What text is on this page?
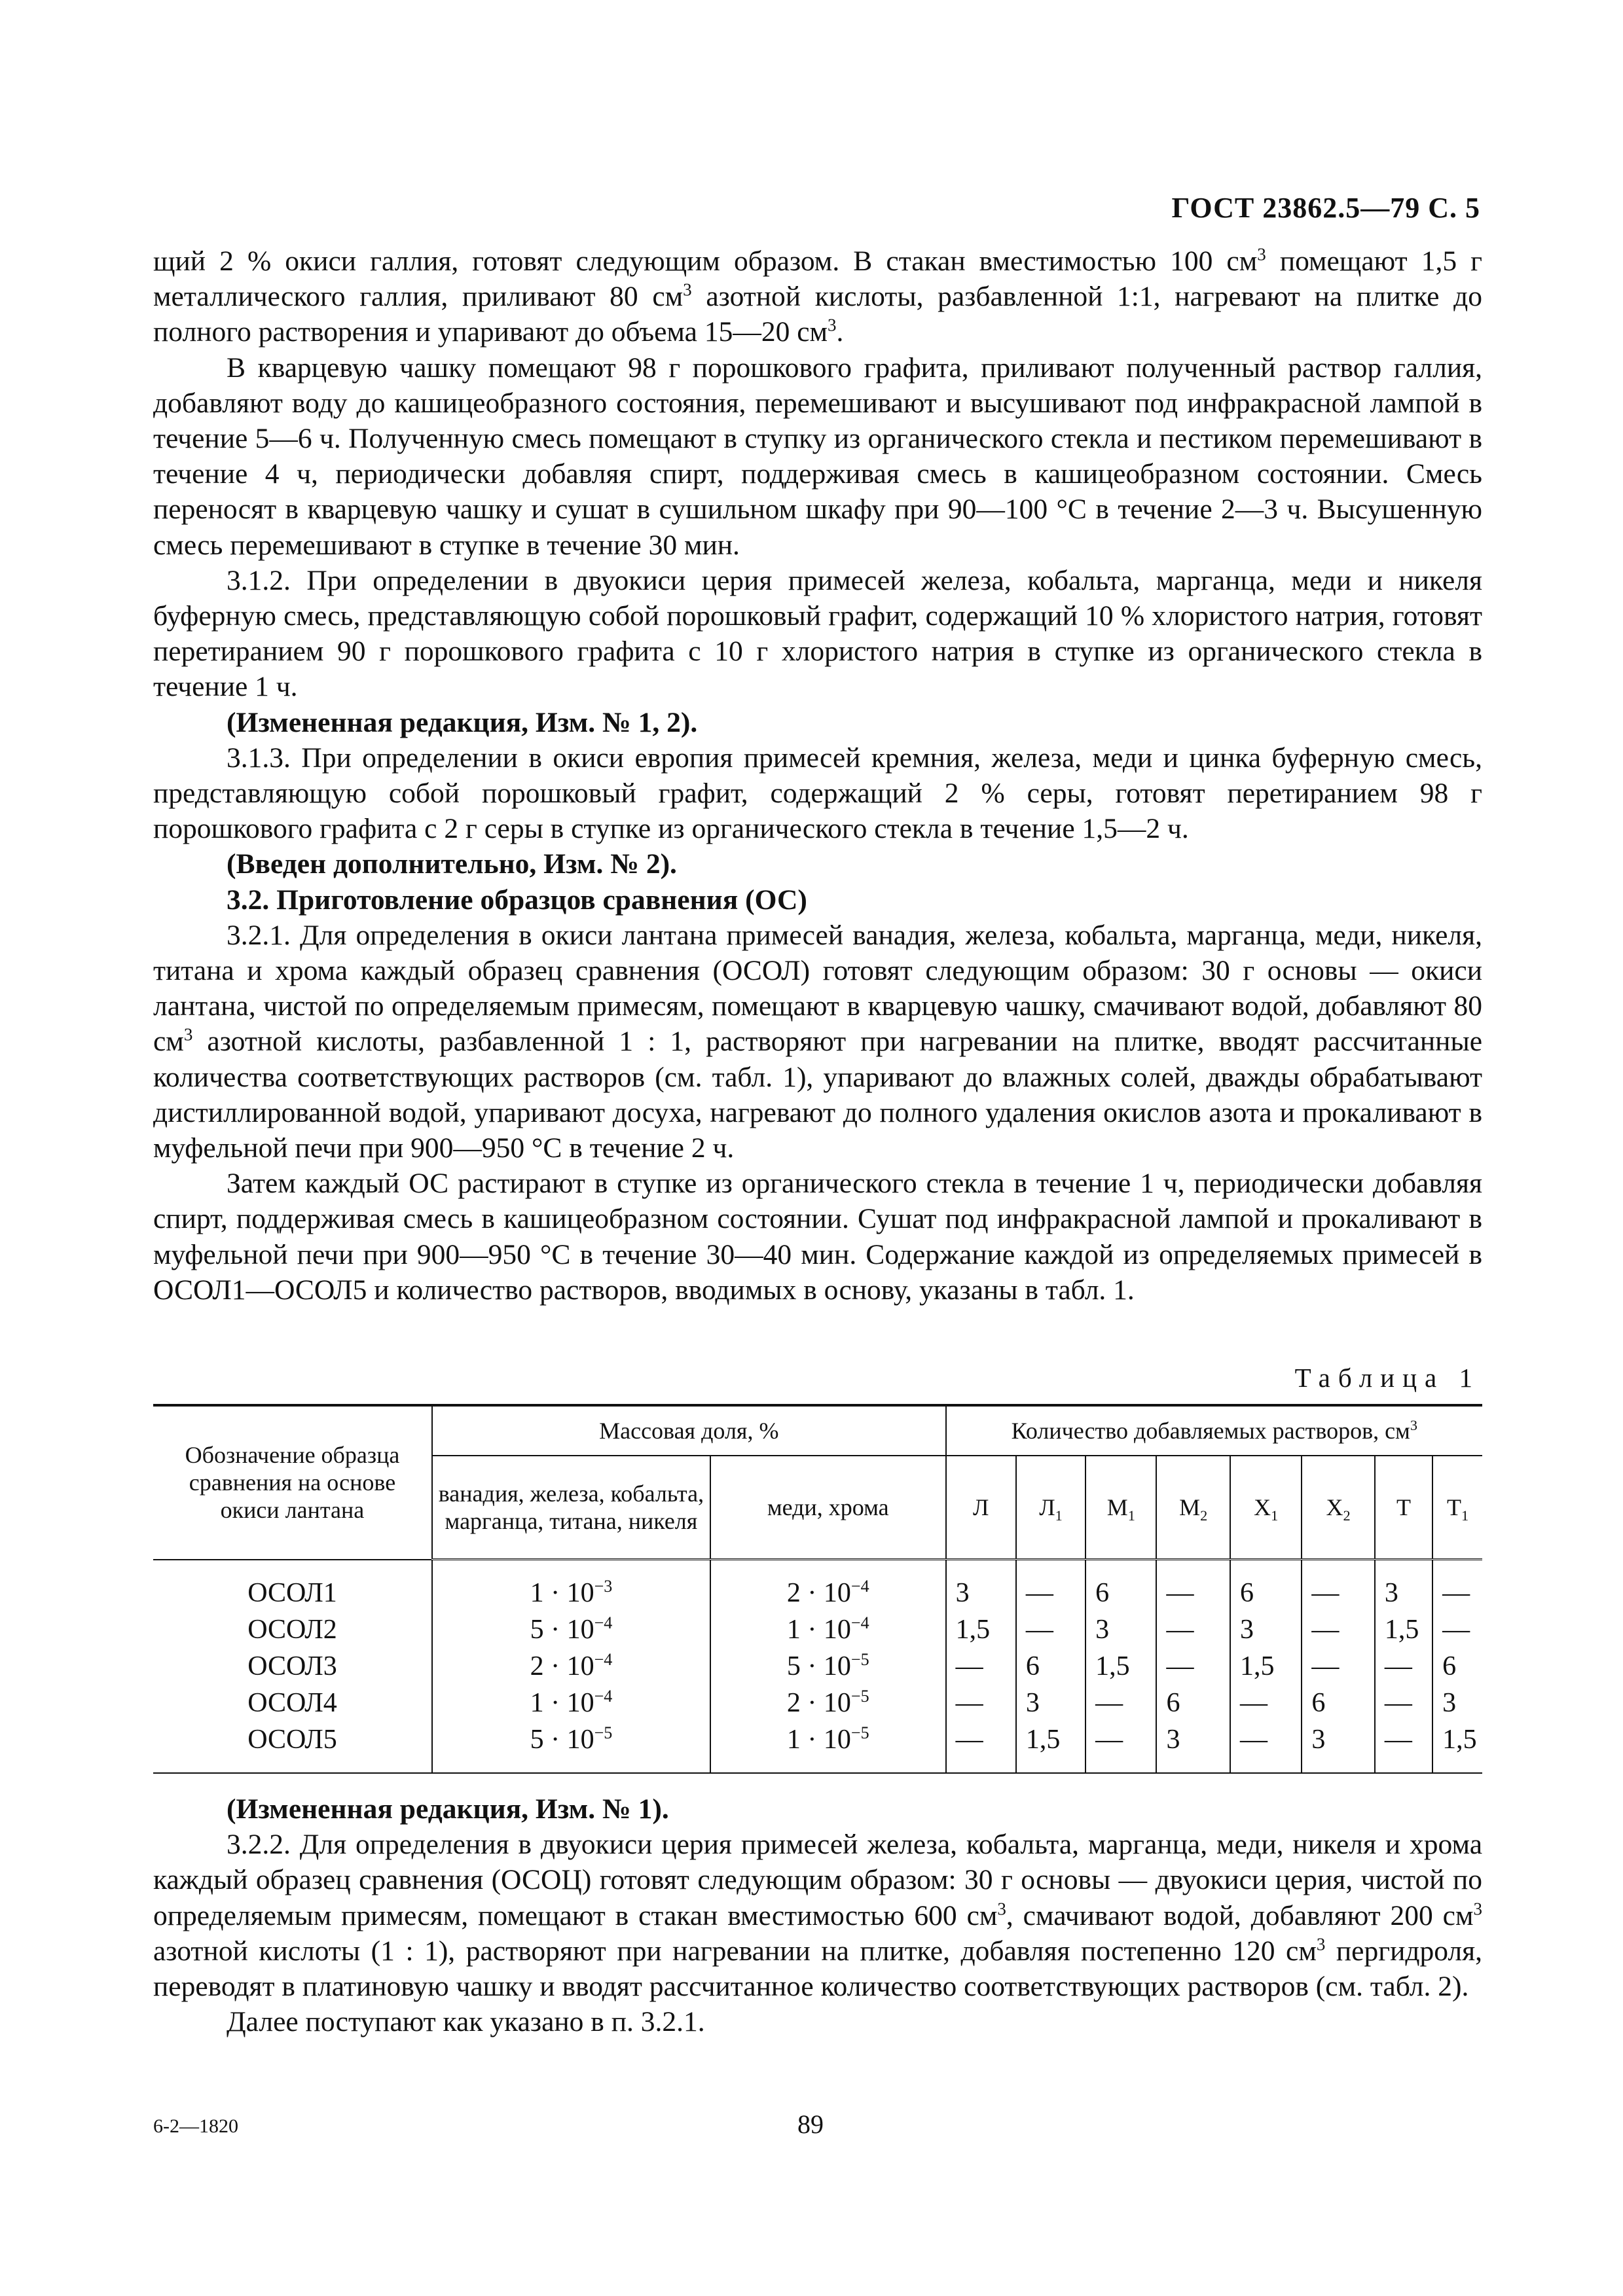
ГОСТ 23862.5—79 С. 5

щий 2 % окиси галлия, готовят следующим образом. В стакан вместимостью 100 $см^3$ помещают 1,5 г металлического галлия, приливают 80 $см^3$ азотной кислоты, разбавленной 1:1, нагревают на плитке до полного растворения и упаривают до объема 15—20 $см^3$.

В кварцевую чашку помещают 98 г порошкового графита, приливают полученный раствор галлия, добавляют воду до кашицеобразного состояния, перемешивают и высушивают под инфракрасной лампой в течение 5—6 ч. Полученную смесь помещают в ступку из органического стекла и пестиком перемешивают в течение 4 ч, периодически добавляя спирт, поддерживая смесь в кашицеобразном состоянии. Смесь переносят в кварцевую чашку и сушат в сушильном шкафу при 90—100 °С в течение 2—3 ч. Высушенную смесь перемешивают в ступке в течение 30 мин.

3.1.2. При определении в двуокиси церия примесей железа, кобальта, марганца, меди и никеля буферную смесь, представляющую собой порошковый графит, содержащий 10 % хлористого натрия, готовят перетиранием 90 г порошкового графита с 10 г хлористого натрия в ступке из органического стекла в течение 1 ч.

(Измененная редакция, Изм. № 1, 2).

3.1.3. При определении в окиси европия примесей кремния, железа, меди и цинка буферную смесь, представляющую собой порошковый графит, содержащий 2 % серы, готовят перетиранием 98 г порошкового графита с 2 г серы в ступке из органического стекла в течение 1,5—2 ч.

(Введен дополнительно, Изм. № 2).

3.2. Приготовление образцов сравнения (ОС)

3.2.1. Для определения в окиси лантана примесей ванадия, железа, кобальта, марганца, меди, никеля, титана и хрома каждый образец сравнения (ОСОЛ) готовят следующим образом: 30 г основы — окиси лантана, чистой по определяемым примесям, помещают в кварцевую чашку, смачивают водой, добавляют 80 $см^3$ азотной кислоты, разбавленной 1 : 1, растворяют при нагревании на плитке, вводят рассчитанные количества соответствующих растворов (см. табл. 1), упаривают до влажных солей, дважды обрабатывают дистиллированной водой, упаривают досуха, нагревают до полного удаления окислов азота и прокаливают в муфельной печи при 900—950 °С в течение 2 ч.

Затем каждый ОС растирают в ступке из органического стекла в течение 1 ч, периодически добавляя спирт, поддерживая смесь в кашицеобразном состоянии. Сушат под инфракрасной лампой и прокаливают в муфельной печи при 900—950 °С в течение 30—40 мин. Содержание каждой из определяемых примесей в ОСОЛ1—ОСОЛ5 и количество растворов, вводимых в основу, указаны в табл. 1.

Таблица 1
Обозначение образца сравнения на основе окиси лантана	Массовая доля, %		Количество добавляемых растворов, $см^3$
	ванадия, железа, кобальта, марганца, титана, никеля	меди, хрома	Л	$Л_1$	$М_1$	$М_2$	$Х_1$	$Х_2$	Т	$Т_1$
ОСОЛ1	$1 \cdot 10^{-3}$	$2 \cdot 10^{-4}$	3	—	6	—	6	—	3	—
ОСОЛ2	$5 \cdot 10^{-4}$	$1 \cdot 10^{-4}$	1,5	—	3	—	3	—	1,5	—
ОСОЛ3	$2 \cdot 10^{-4}$	$5 \cdot 10^{-5}$	—	6	1,5	—	1,5	—	—	6
ОСОЛ4	$1 \cdot 10^{-4}$	$2 \cdot 10^{-5}$	—	3	—	6	—	6	—	3
ОСОЛ5	$5 \cdot 10^{-5}$	$1 \cdot 10^{-5}$	—	1,5	—	3	—	3	—	1,5

(Измененная редакция, Изм. № 1).

3.2.2. Для определения в двуокиси церия примесей железа, кобальта, марганца, меди, никеля и хрома каждый образец сравнения (ОСОЦ) готовят следующим образом: 30 г основы — двуокиси церия, чистой по определяемым примесям, помещают в стакан вместимостью 600 $см^3$, смачивают водой, добавляют 200 $см^3$ азотной кислоты (1 : 1), растворяют при нагревании на плитке, добавляя постепенно 120 $см^3$ пергидроля, переводят в платиновую чашку и вводят рассчитанное количество соответствующих растворов (см. табл. 2).

Далее поступают как указано в п. 3.2.1.

6-2—1820	89
